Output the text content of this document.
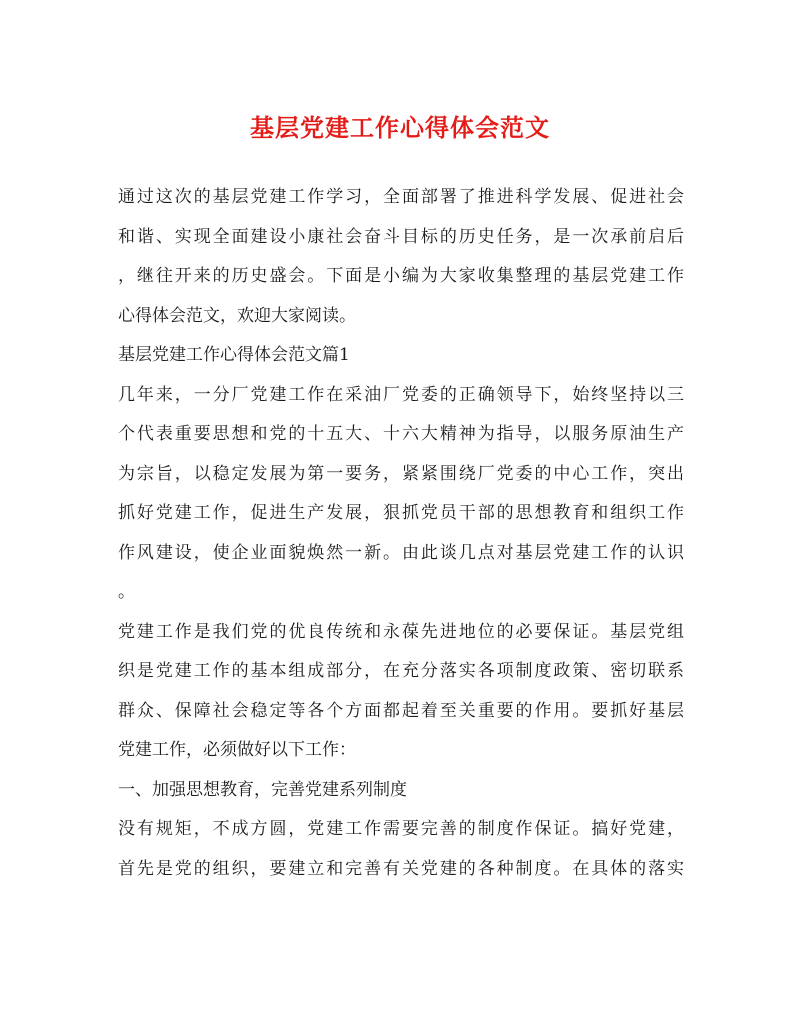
基层党建工作心得体会范文
通过这次的基层党建工作学习，全面部署了推进科学发展、促进社会
和谐、实现全面建设小康社会奋斗目标的历史任务，是一次承前启后
，继往开来的历史盛会。下面是小编为大家收集整理的基层党建工作
心得体会范文，欢迎大家阅读。
基层党建工作心得体会范文篇1
几年来，一分厂党建工作在采油厂党委的正确领导下，始终坚持以三
个代表重要思想和党的十五大、十六大精神为指导，以服务原油生产
为宗旨，以稳定发展为第一要务，紧紧围绕厂党委的中心工作，突出
抓好党建工作，促进生产发展，狠抓党员干部的思想教育和组织工作
作风建设，使企业面貌焕然一新。由此谈几点对基层党建工作的认识
。
党建工作是我们党的优良传统和永葆先进地位的必要保证。基层党组
织是党建工作的基本组成部分，在充分落实各项制度政策、密切联系
群众、保障社会稳定等各个方面都起着至关重要的作用。要抓好基层
党建工作，必须做好以下工作：
一、加强思想教育，完善党建系列制度
没有规矩，不成方圆，党建工作需要完善的制度作保证。搞好党建，
首先是党的组织，要建立和完善有关党建的各种制度。在具体的落实
